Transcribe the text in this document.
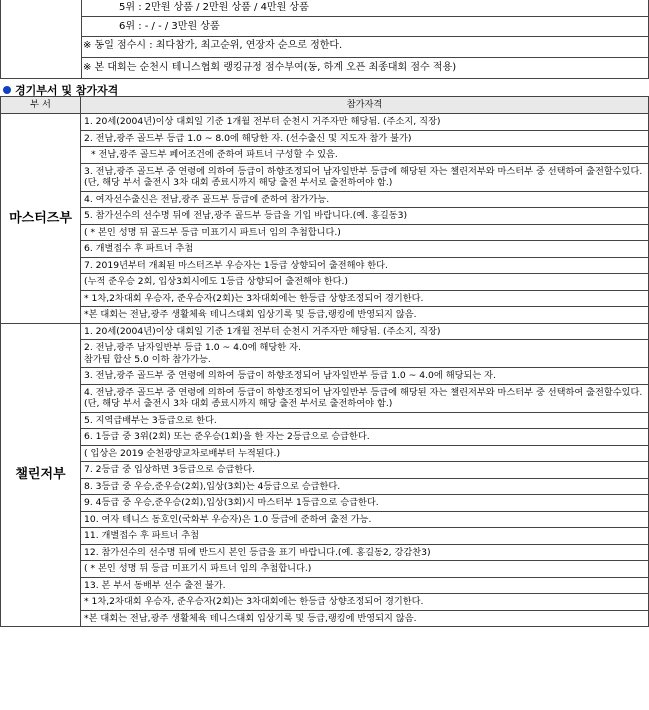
5위 : 2만원 상품 / 2만원 상품 / 4만원 상품
6위 : - / - / 3만원 상품
※ 동일 점수시 : 최다참가, 최고순위, 연장자 순으로 정한다.
※ 본 대회는 순천시 테니스협회 랭킹규정 점수부여(동, 하계 오픈 최종대회 점수 적용)
경기부서 및 참가자격
부 서	참가자격
마스터즈부	1. 20세(2004년)이상 대회일 기준 1개월 전부터 순천시 거주자만 해당됨. (주소지, 직장)
	2. 전남,광주 골드부 등급 1.0 ~ 8.0에 해당한 자. (선수출신 및 지도자 참가 불가)
	* 전남,광주 골드부 페어조건에 준하여 파트너 구성할 수 있음.
	3. 전남,광주 골드부 중 연령에 의하여 등급이 하향조정되어 남자일반부 등급에 해당된 자는 챌린저부와 마스터부 중 선택하여 출전할수있다.(단, 해당 부서 출전시 3차 대회 종료시까지 해당 출전 부서로 출전하여야 함.)
	4. 여자선수출신은 전남,광주 골드부 등급에 준하여 참가가능.
	5. 참가선수의 선수명 뒤에 전남,광주 골드부 등급을 기입 바랍니다.(예. 홍길동3)
	( * 본인 성명 뒤 골드부 등급 미표기시 파트너 임의 추첨합니다.)
	6. 개별접수 후 파트너 추첨
	7. 2019년부터 개최된 마스터즈부 우승자는 1등급 상향되어 출전해야 한다.
	(누적 준우승 2회, 입상3회시에도 1등급 상향되어 출전해야 한다.)
	* 1차,2차대회 우승자, 준우승자(2회)는 3차대회에는 한등급 상향조정되어 경기한다.
	*본 대회는 전남,광주 생활체육 테니스대회 입상기록 및 등급,랭킹에 반영되지 않음.
챌린저부	1. 20세(2004년)이상 대회일 기준 1개월 전부터 순천시 거주자만 해당됨. (주소지, 직장)
	2. 전남,광주 남자일반부 등급 1.0 ~ 4.0에 해당한 자.
참가팀 합산 5.0 이하 참가가능.
	3. 전남,광주 골드부 중 연령에 의하여 등급이 하향조정되어 남자일반부 등급 1.0 ~ 4.0에 해당되는 자.
	4. 전남,광주 골드부 중 연령에 의하여 등급이 하향조정되어 남자일반부 등급에 해당된 자는 챌린저부와 마스터부 중 선택하여 출전할수있다.(단, 해당 부서 출전시 3차 대회 종료시까지 해당 출전 부서로 출전하여야 함.)
	5. 지역급배부는 3등급으로 한다.
	6. 1등급 중 3위(2회) 또는 준우승(1회)을 한 자는 2등급으로 승급한다.
	( 입상은 2019 순천광양교차로배부터 누적된다.)
	7. 2등급 중 입상하면 3등급으로 승급한다.
	8. 3등급 중 우승,준우승(2회),입상(3회)는 4등급으로 승급한다.
	9. 4등급 중 우승,준우승(2회),입상(3회)시 마스터부 1등급으로 승급한다.
	10. 여자 테니스 동호인(국화부 우승자)은 1.0 등급에 준하여 출전 가능.
	11. 개별접수 후 파트너 추첨
	12. 참가선수의 선수명 뒤에 반드시 본인 등급을 표기 바랍니다.(예. 홍길동2, 강감찬3)
	( * 본인 성명 뒤 등급 미표기시 파트너 임의 추첨합니다.)
	13. 본 부서 동배부 선수 출전 불가.
	* 1차,2차대회 우승자, 준우승자(2회)는 3차대회에는 한등급 상향조정되어 경기한다.
	*본 대회는 전남,광주 생활체육 테니스대회 입상기록 및 등급,랭킹에 반영되지 않음.
